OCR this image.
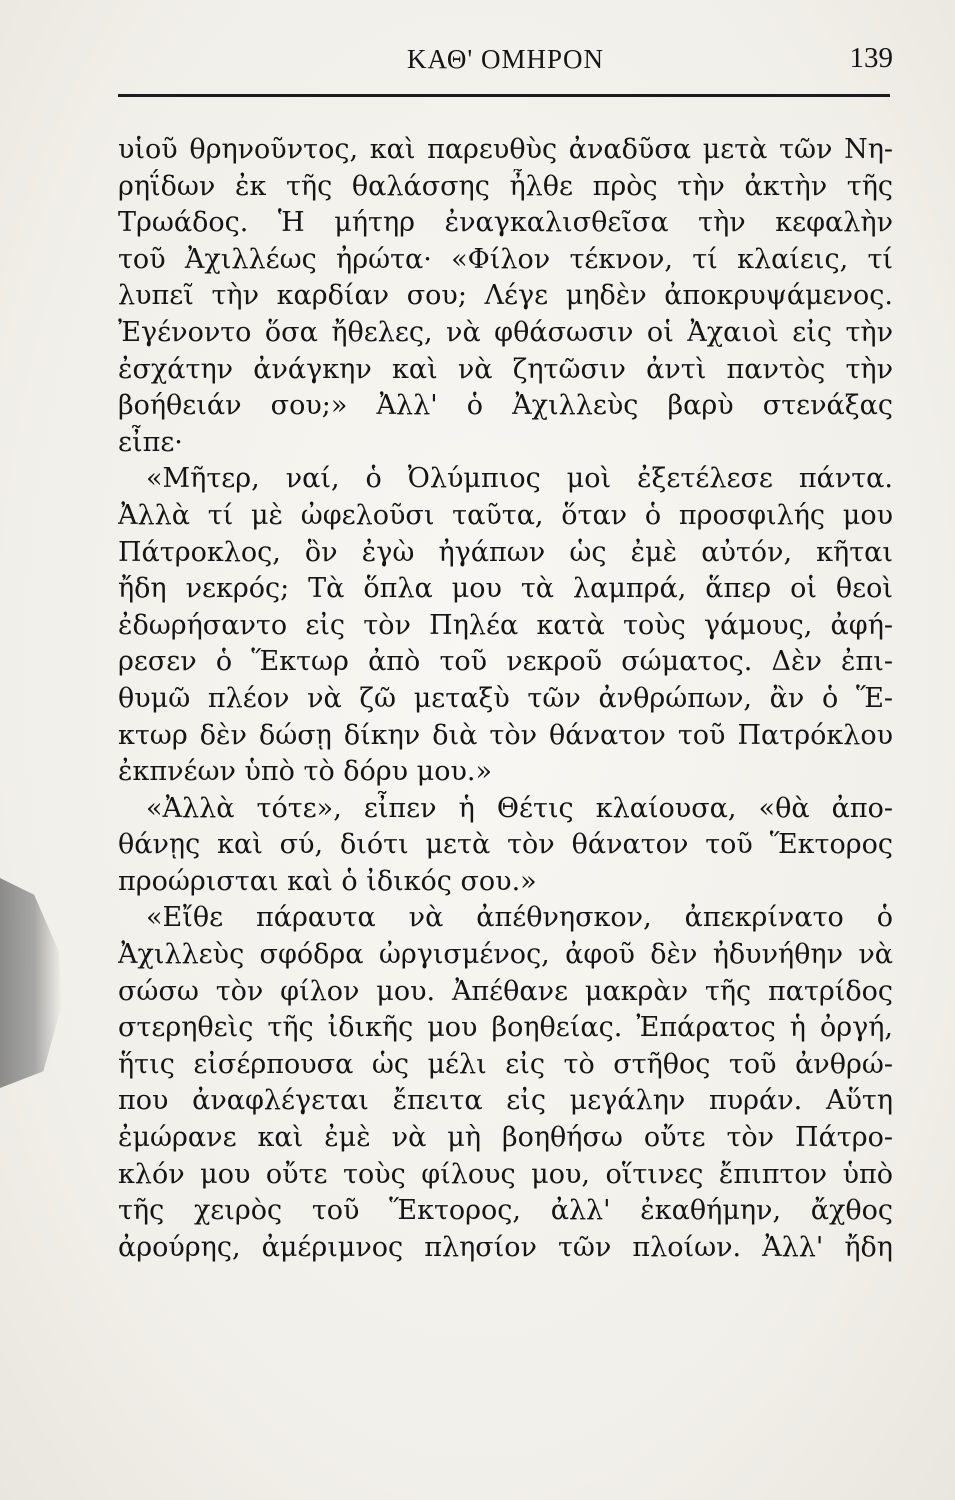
ΚΑΘ' ΟΜΗΡΟΝ	139
υἱοῦ θρηνοῦντος, καὶ παρευθὺς ἀναδῦσα μετὰ τῶν Νη-
ρηΐδων ἐκ τῆς θαλάσσης ἦλθε πρὸς τὴν ἀκτὴν τῆς
Τρωάδος. Ἡ μήτηρ ἐναγκαλισθεῖσα τὴν κεφαλὴν
τοῦ Ἀχιλλέως ἠρώτα· «Φίλον τέκνον, τί κλαίεις, τί
λυπεῖ τὴν καρδίαν σου; Λέγε μηδὲν ἀποκρυψάμενος.
Ἐγένοντο ὅσα ἤθελες, νὰ φθάσωσιν οἱ Ἀχαιοὶ εἰς τὴν
ἐσχάτην ἀνάγκην καὶ νὰ ζητῶσιν ἀντὶ παντὸς τὴν
βοήθειάν σου;» Ἀλλ' ὁ Ἀχιλλεὺς βαρὺ στενάξας
εἶπε·
«Μῆτερ, ναί, ὁ Ὀλύμπιος μοὶ ἐξετέλεσε πάντα.
Ἀλλὰ τί μὲ ὠφελοῦσι ταῦτα, ὅταν ὁ προσφιλής μου
Πάτροκλος, ὃν ἐγὼ ἠγάπων ὡς ἐμὲ αὐτόν, κῆται
ἤδη νεκρός; Τὰ ὅπλα μου τὰ λαμπρά, ἅπερ οἱ θεοὶ
ἐδωρήσαντο εἰς τὸν Πηλέα κατὰ τοὺς γάμους, ἀφή-
ρεσεν ὁ Ἕκτωρ ἀπὸ τοῦ νεκροῦ σώματος. Δὲν ἐπι-
θυμῶ πλέον νὰ ζῶ μεταξὺ τῶν ἀνθρώπων, ἂν ὁ Ἕ-
κτωρ δὲν δώσῃ δίκην διὰ τὸν θάνατον τοῦ Πατρόκλου
ἐκπνέων ὑπὸ τὸ δόρυ μου.»
«Ἀλλὰ τότε», εἶπεν ἡ Θέτις κλαίουσα, «θὰ ἀπο-
θάνῃς καὶ σύ, διότι μετὰ τὸν θάνατον τοῦ Ἕκτορος
προώρισται καὶ ὁ ἰδικός σου.»
«Εἴθε πάραυτα νὰ ἀπέθνησκον, ἀπεκρίνατο ὁ
Ἀχιλλεὺς σφόδρα ὠργισμένος, ἀφοῦ δὲν ἠδυνήθην νὰ
σώσω τὸν φίλον μου. Ἀπέθανε μακρὰν τῆς πατρίδος
στερηθεὶς τῆς ἰδικῆς μου βοηθείας. Ἐπάρατος ἡ ὀργή,
ἥτις εἰσέρπουσα ὡς μέλι εἰς τὸ στῆθος τοῦ ἀνθρώ-
που ἀναφλέγεται ἔπειτα εἰς μεγάλην πυράν. Αὕτη
ἐμώρανε καὶ ἐμὲ νὰ μὴ βοηθήσω οὔτε τὸν Πάτρο-
κλόν μου οὔτε τοὺς φίλους μου, οἵτινες ἔπιπτον ὑπὸ
τῆς χειρὸς τοῦ Ἕκτορος, ἀλλ' ἐκαθήμην, ἄχθος
ἀρούρης, ἀμέριμνος πλησίον τῶν πλοίων. Ἀλλ' ἤδη
